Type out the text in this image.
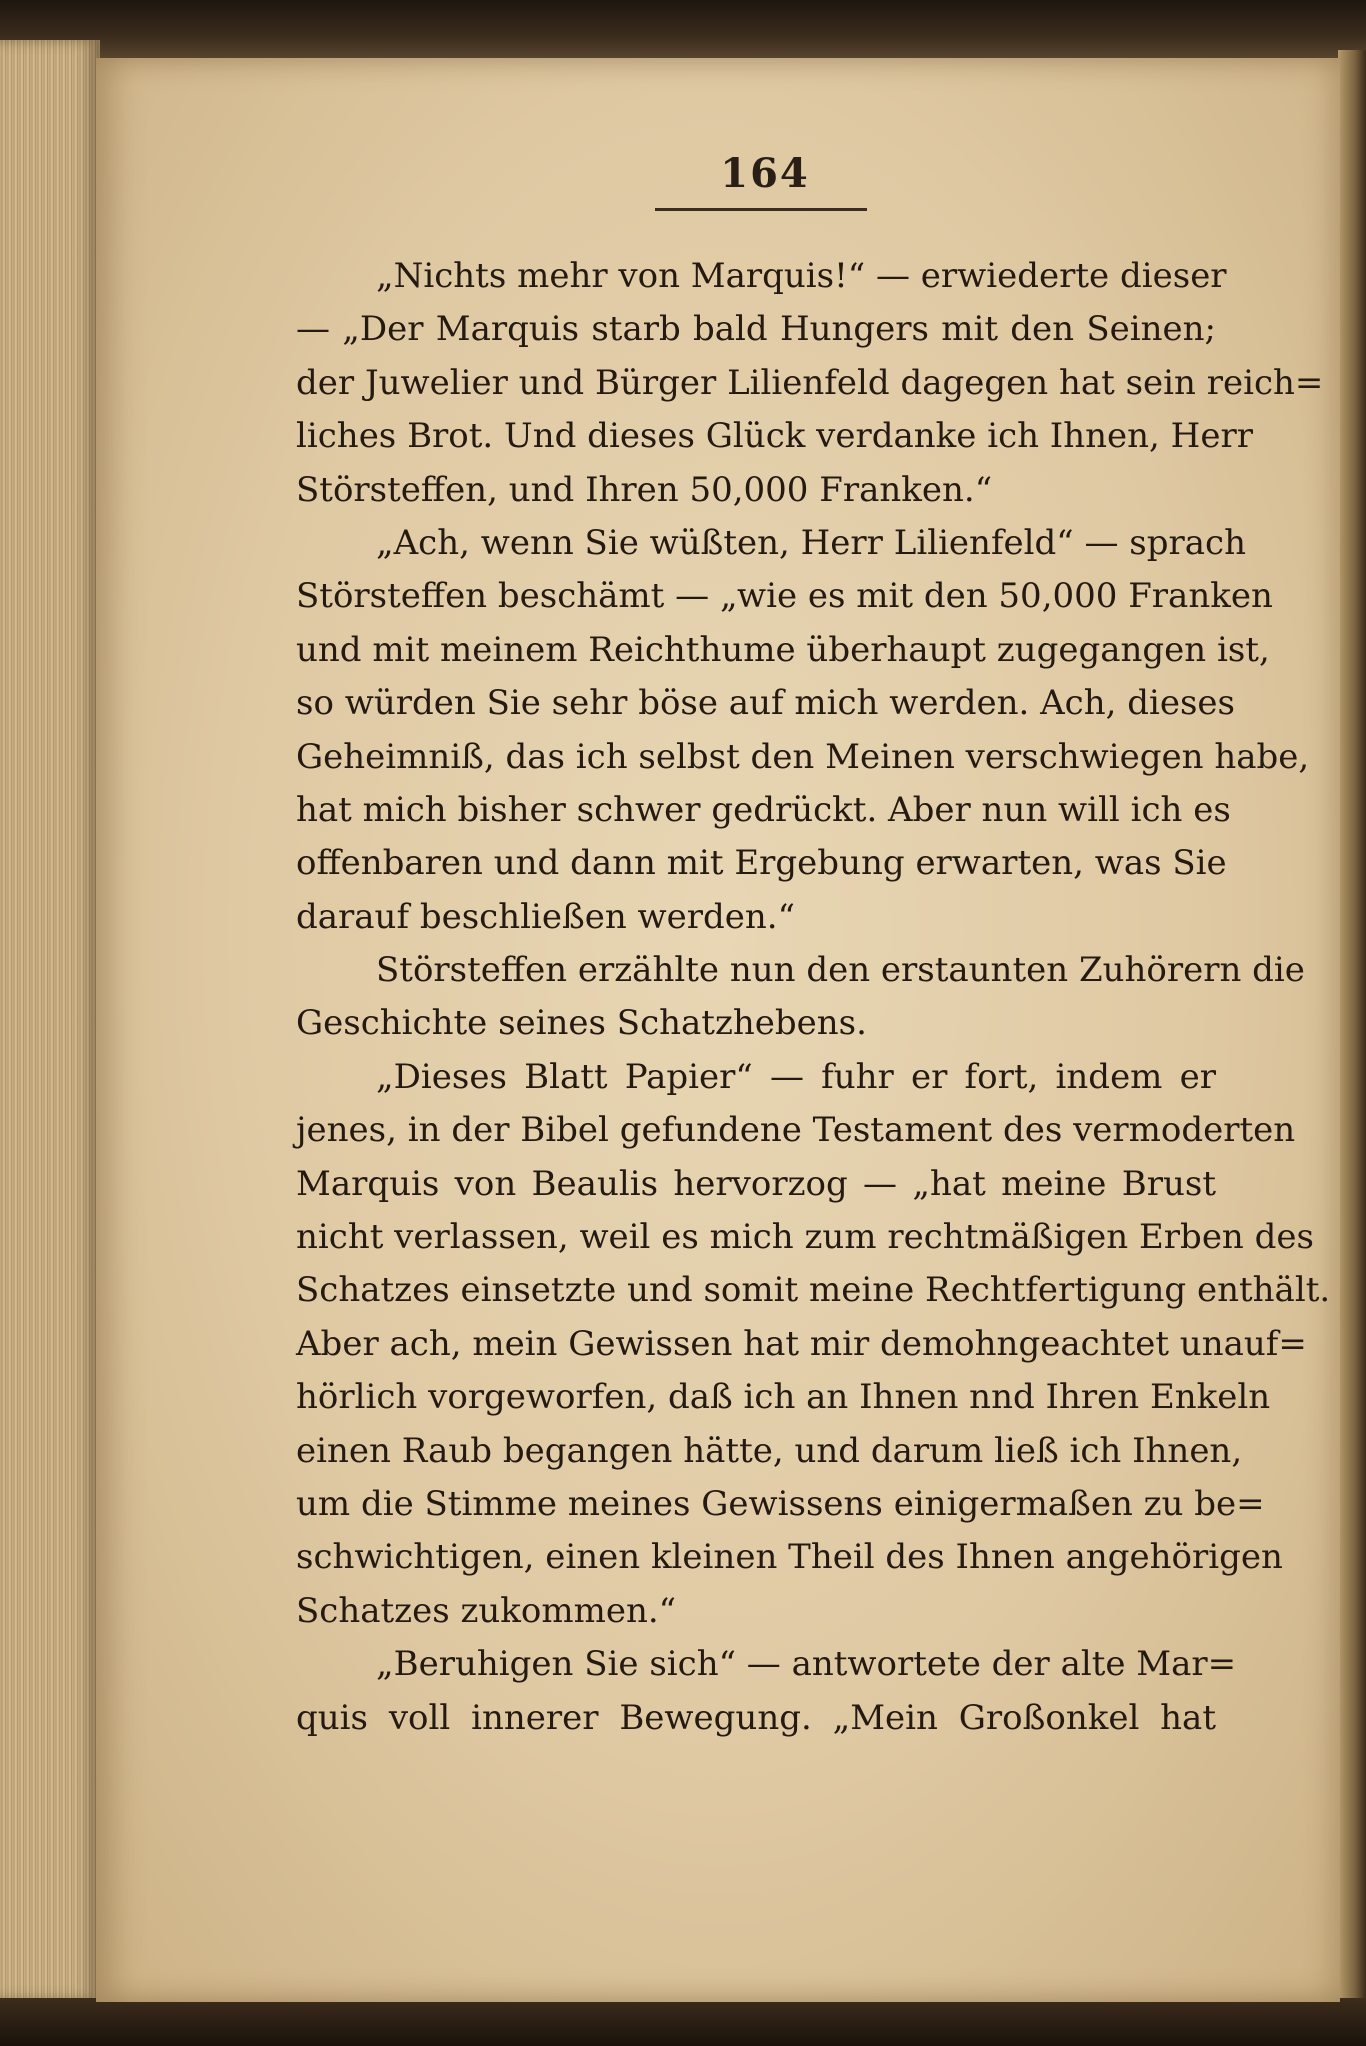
164
„Nichts mehr von Marquis!“ — erwiederte dieser
— „Der Marquis starb bald Hungers mit den Seinen;
der Juwelier und Bürger Lilienfeld dagegen hat sein reich=
liches Brot. Und dieses Glück verdanke ich Ihnen, Herr
Störsteffen, und Ihren 50,000 Franken.“
„Ach, wenn Sie wüßten, Herr Lilienfeld“ — sprach
Störsteffen beschämt — „wie es mit den 50,000 Franken
und mit meinem Reichthume überhaupt zugegangen ist,
so würden Sie sehr böse auf mich werden. Ach, dieses
Geheimniß, das ich selbst den Meinen verschwiegen habe,
hat mich bisher schwer gedrückt. Aber nun will ich es
offenbaren und dann mit Ergebung erwarten, was Sie
darauf beschließen werden.“
Störsteffen erzählte nun den erstaunten Zuhörern die
Geschichte seines Schatzhebens.
„Dieses Blatt Papier“ — fuhr er fort, indem er
jenes, in der Bibel gefundene Testament des vermoderten
Marquis von Beaulis hervorzog — „hat meine Brust
nicht verlassen, weil es mich zum rechtmäßigen Erben des
Schatzes einsetzte und somit meine Rechtfertigung enthält.
Aber ach, mein Gewissen hat mir demohngeachtet unauf=
hörlich vorgeworfen, daß ich an Ihnen nnd Ihren Enkeln
einen Raub begangen hätte, und darum ließ ich Ihnen,
um die Stimme meines Gewissens einigermaßen zu be=
schwichtigen, einen kleinen Theil des Ihnen angehörigen
Schatzes zukommen.“
„Beruhigen Sie sich“ — antwortete der alte Mar=
quis voll innerer Bewegung. „Mein Großonkel hat
